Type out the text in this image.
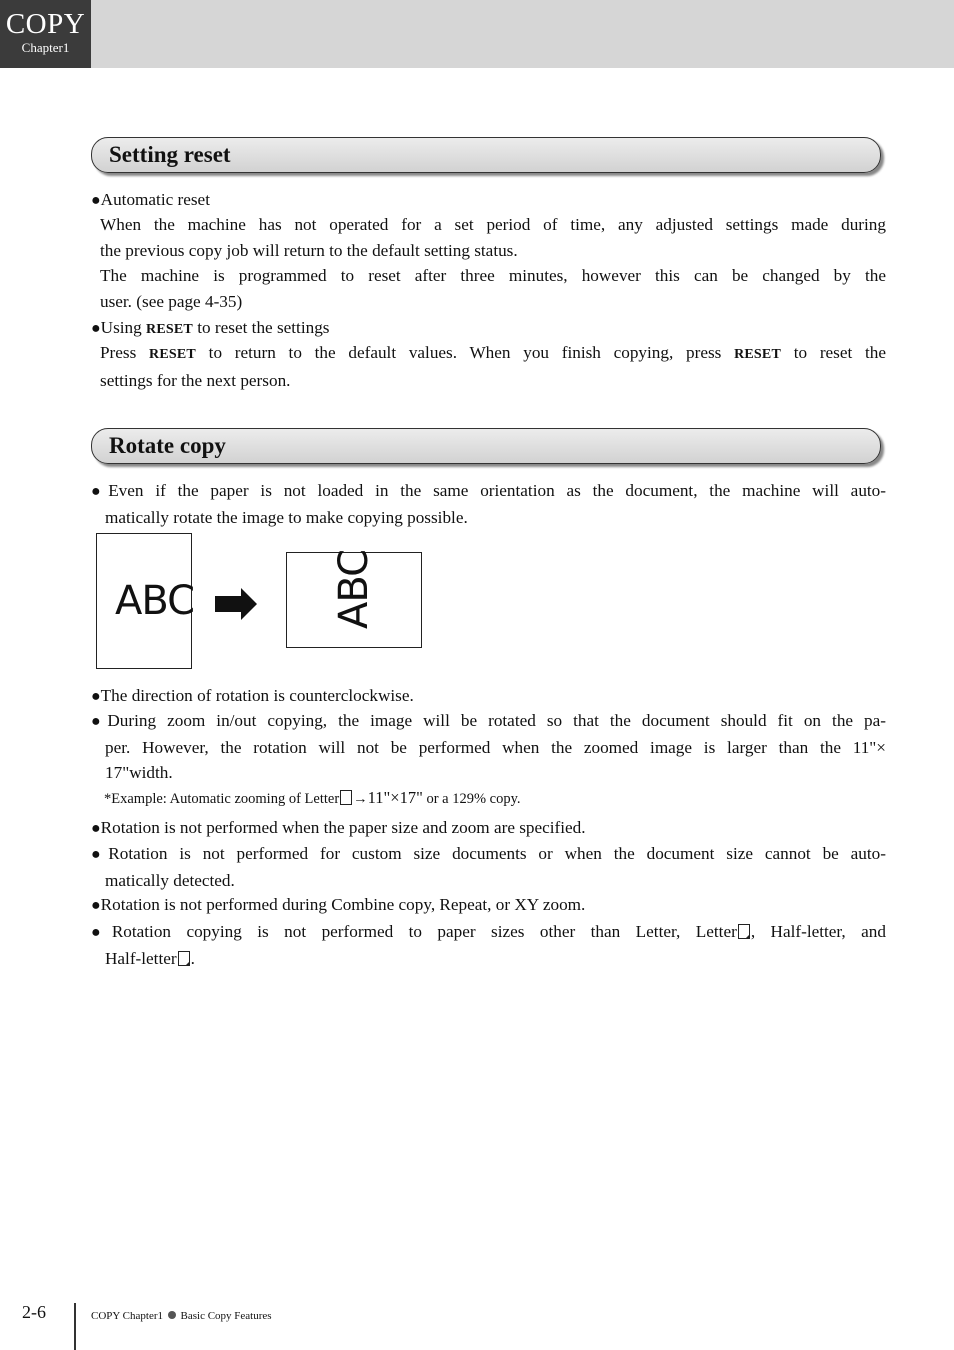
COPY
Chapter1
Setting reset

●Automatic reset

When the machine has not operated for a set period of time, any adjusted settings made during
the previous copy job will return to the default setting status.
The machine is programmed to reset after three minutes, however this can be changed by the
user. (see page 4-35)

●Using RESET to reset the settings

Press RESET to return to the default values. When you finish copying, press RESET to reset the
settings for the next person.
Rotate copy
●Even if the paper is not loaded in the same orientation as the document, the machine will auto-
matically rotate the image to make copying possible.
ABC	ABC
●The direction of rotation is counterclockwise.
●During zoom in/out copying, the image will be rotated so that the document should fit on the pa-
per. However, the rotation will not be performed when the zoomed image is larger than the 11"×
17"width.

*Example: Automatic zooming of Letter →11"×17" or a 129% copy.

●Rotation is not performed when the paper size and zoom are specified.
●Rotation is not performed for custom size documents or when the document size cannot be auto-
matically detected.
●Rotation is not performed during Combine copy, Repeat, or XY zoom.
●Rotation copying is not performed to paper sizes other than Letter, Letter , Half-letter, and
Half-letter .
2-6	COPY Chapter1 Basic Copy Features
